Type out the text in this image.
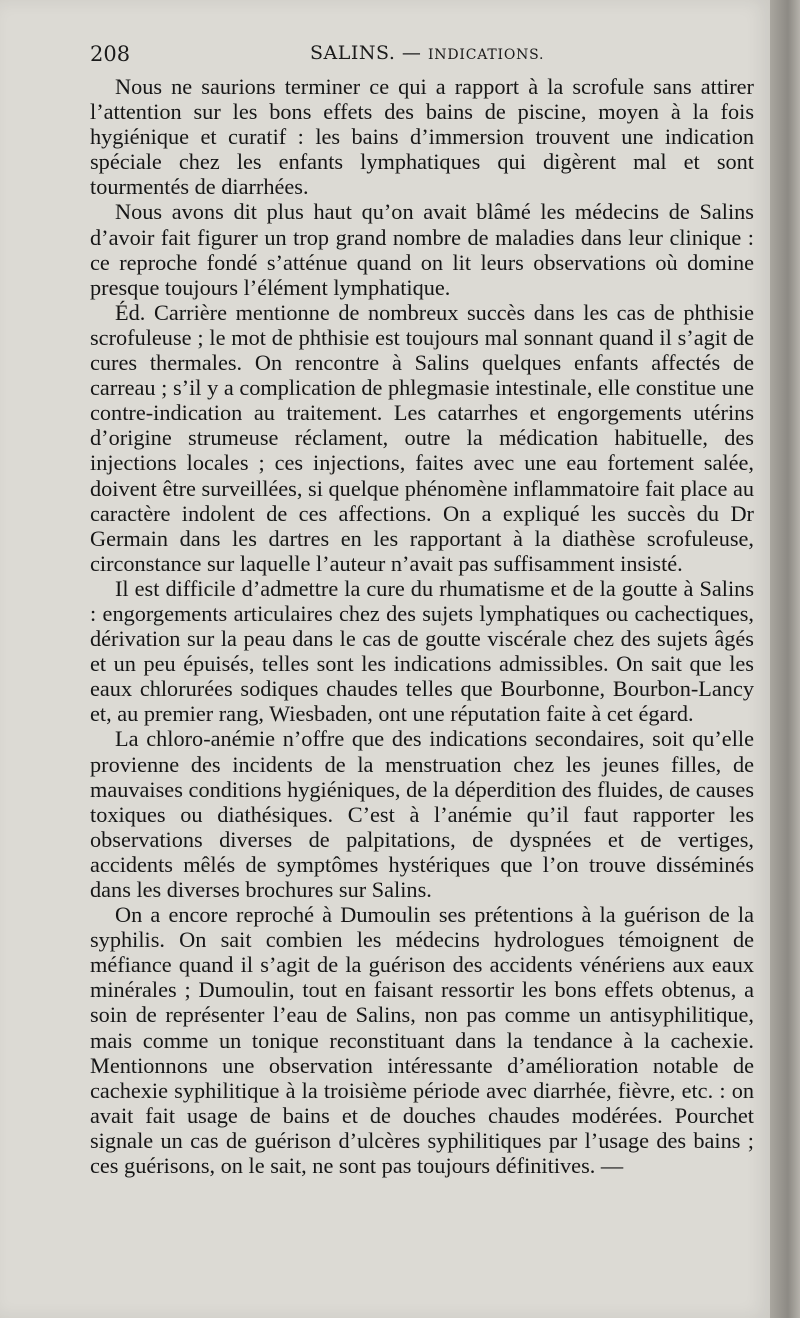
208	SALINS. — INDICATIONS.

Nous ne saurions terminer ce qui a rapport à la scrofule sans attirer l’attention sur les bons effets des bains de piscine, moyen à la fois hygiénique et curatif : les bains d’immersion trouvent une indication spéciale chez les enfants lymphatiques qui digèrent mal et sont tourmentés de diarrhées.

Nous avons dit plus haut qu’on avait blâmé les médecins de Salins d’avoir fait figurer un trop grand nombre de maladies dans leur clinique : ce reproche fondé s’atténue quand on lit leurs observations où domine presque toujours l’élément lymphatique.

Éd. Carrière mentionne de nombreux succès dans les cas de phthisie scrofuleuse ; le mot de phthisie est toujours mal sonnant quand il s’agit de cures thermales. On rencontre à Salins quelques enfants affectés de carreau ; s’il y a complication de phlegmasie intestinale, elle constitue une contre-indication au traitement. Les catarrhes et engorgements utérins d’origine strumeuse réclament, outre la médication habituelle, des injections locales ; ces injections, faites avec une eau fortement salée, doivent être surveillées, si quelque phénomène inflammatoire fait place au caractère indolent de ces affections. On a expliqué les succès du Dr Germain dans les dartres en les rapportant à la diathèse scrofuleuse, circonstance sur laquelle l’auteur n’avait pas suffisamment insisté.

Il est difficile d’admettre la cure du rhumatisme et de la goutte à Salins : engorgements articulaires chez des sujets lymphatiques ou cachectiques, dérivation sur la peau dans le cas de goutte viscérale chez des sujets âgés et un peu épuisés, telles sont les indications admissibles. On sait que les eaux chlorurées sodiques chaudes telles que Bourbonne, Bourbon-Lancy et, au premier rang, Wiesbaden, ont une réputation faite à cet égard.

La chloro-anémie n’offre que des indications secondaires, soit qu’elle provienne des incidents de la menstruation chez les jeunes filles, de mauvaises conditions hygiéniques, de la déperdition des fluides, de causes toxiques ou diathésiques. C’est à l’anémie qu’il faut rapporter les observations diverses de palpitations, de dyspnées et de vertiges, accidents mêlés de symptômes hystériques que l’on trouve disséminés dans les diverses brochures sur Salins.

On a encore reproché à Dumoulin ses prétentions à la guérison de la syphilis. On sait combien les médecins hydrologues témoignent de méfiance quand il s’agit de la guérison des accidents vénériens aux eaux minérales ; Dumoulin, tout en faisant ressortir les bons effets obtenus, a soin de représenter l’eau de Salins, non pas comme un antisyphilitique, mais comme un tonique reconstituant dans la tendance à la cachexie. Mentionnons une observation intéressante d’amélioration notable de cachexie syphilitique à la troisième période avec diarrhée, fièvre, etc. : on avait fait usage de bains et de douches chaudes modérées. Pourchet signale un cas de guérison d’ulcères syphilitiques par l’usage des bains ; ces guérisons, on le sait, ne sont pas toujours définitives. —
